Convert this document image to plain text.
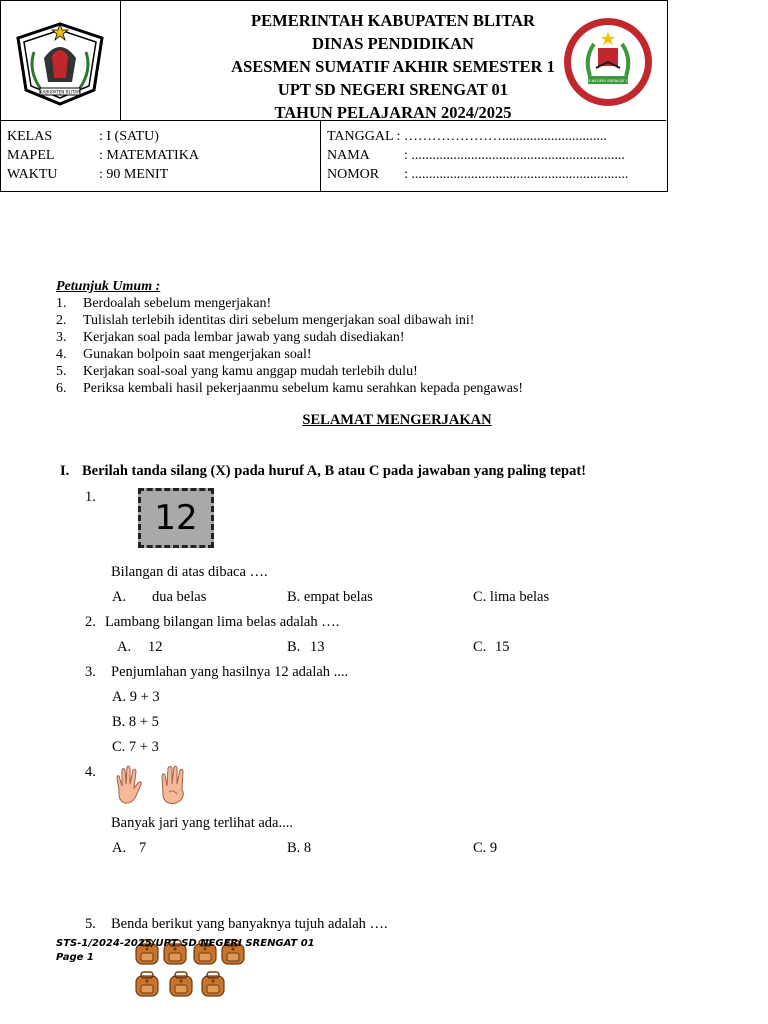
KABUPATEN BLITAR
PEMERINTAH KABUPATEN BLITAR
DINAS PENDIDIKAN
ASESMEN SUMATIF AKHIR SEMESTER 1
UPT SD NEGERI SRENGAT 01
TAHUN PELAJARAN 2024/2025
SD NEGERI SRENGAT 01
KELAS	: I (SATU)
MAPEL	: MATEMATIKA
WAKTU	: 90 MENIT
TANGGAL : …………………..............................
NAMA : .............................................................
NOMOR : ..............................................................
Petunjuk Umum :
1. Berdoalah sebelum mengerjakan!
2. Tulislah terlebih identitas diri sebelum mengerjakan soal dibawah ini!
3. Kerjakan soal pada lembar jawab yang sudah disediakan!
4. Gunakan bolpoin saat mengerjakan soal!
5. Kerjakan soal-soal yang kamu anggap mudah terlebih dulu!
6. Periksa kembali hasil pekerjaanmu sebelum kamu serahkan kepada pengawas!
SELAMAT MENGERJAKAN
I. Berilah tanda silang (X) pada huruf A, B atau C pada jawaban yang paling tepat!
1.
12
Bilangan di atas dibaca ….
A. dua belas	B. empat belas	C. lima belas
2. Lambang bilangan lima belas adalah ….
A. 12	B. 13	C. 15
3. Penjumlahan yang hasilnya 12 adalah ....
A. 9 + 3
B. 8 + 5
C. 7 + 3
4.
Banyak jari yang terlihat ada....
A. 7	B. 8	C. 9
5. Benda berikut yang banyaknya tujuh adalah ….
STS-1/2024-2025/UPT SD NEGERI SRENGAT 01
Page 1
